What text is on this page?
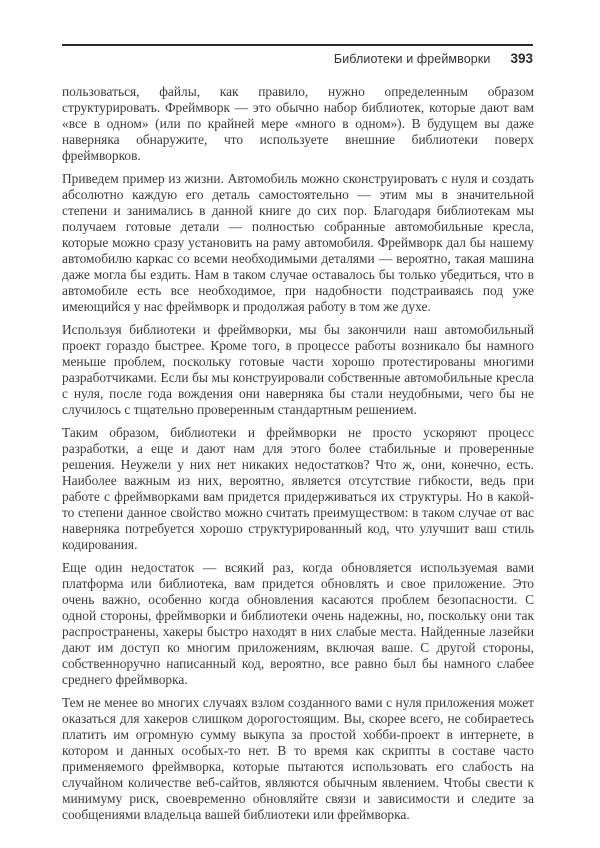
Библиотеки и фреймворки 393

пользоваться, файлы, как правило, нужно определенным образом структурировать. Фреймворк — это обычно набор библиотек, которые дают вам «все в одном» (или по крайней мере «много в одном»). В будущем вы даже наверняка обнаружите, что используете внешние библиотеки поверх фреймворков.

Приведем пример из жизни. Автомобиль можно сконструировать с нуля и создать абсолютно каждую его деталь самостоятельно — этим мы в значительной степени и занимались в данной книге до сих пор. Благодаря библиотекам мы получаем готовые детали — полностью собранные автомобильные кресла, которые можно сразу установить на раму автомобиля. Фреймворк дал бы нашему автомобилю каркас со всеми необходимыми деталями — вероятно, такая машина даже могла бы ездить. Нам в таком случае оставалось бы только убедиться, что в автомобиле есть все необходимое, при надобности подстраиваясь под уже имеющийся у нас фреймворк и продолжая работу в том же духе.

Используя библиотеки и фреймворки, мы бы закончили наш автомобильный проект гораздо быстрее. Кроме того, в процессе работы возникало бы намного меньше проблем, поскольку готовые части хорошо протестированы многими разработчиками. Если бы мы конструировали собственные автомобильные кресла с нуля, после года вождения они наверняка бы стали неудобными, чего бы не случилось с тщательно проверенным стандартным решением.

Таким образом, библиотеки и фреймворки не просто ускоряют процесс разработки, а еще и дают нам для этого более стабильные и проверенные решения. Неужели у них нет никаких недостатков? Что ж, они, конечно, есть. Наиболее важным из них, вероятно, является отсутствие гибкости, ведь при работе с фреймворками вам придется придерживаться их структуры. Но в какой-то степени данное свойство можно считать преимуществом: в таком случае от вас наверняка потребуется хорошо структурированный код, что улучшит ваш стиль кодирования.

Еще один недостаток — всякий раз, когда обновляется используемая вами платформа или библиотека, вам придется обновлять и свое приложение. Это очень важно, особенно когда обновления касаются проблем безопасности. С одной стороны, фреймворки и библиотеки очень надежны, но, поскольку они так распространены, хакеры быстро находят в них слабые места. Найденные лазейки дают им доступ ко многим приложениям, включая ваше. С другой стороны, собственноручно написанный код, вероятно, все равно был бы намного слабее среднего фреймворка.

Тем не менее во многих случаях взлом созданного вами с нуля приложения может оказаться для хакеров слишком дорогостоящим. Вы, скорее всего, не собираетесь платить им огромную сумму выкупа за простой хобби-проект в интернете, в котором и данных особых-то нет. В то время как скрипты в составе часто применяемого фреймворка, которые пытаются использовать его слабость на случайном количестве веб-сайтов, являются обычным явлением. Чтобы свести к минимуму риск, своевременно обновляйте связи и зависимости и следите за сообщениями владельца вашей библиотеки или фреймворка.
